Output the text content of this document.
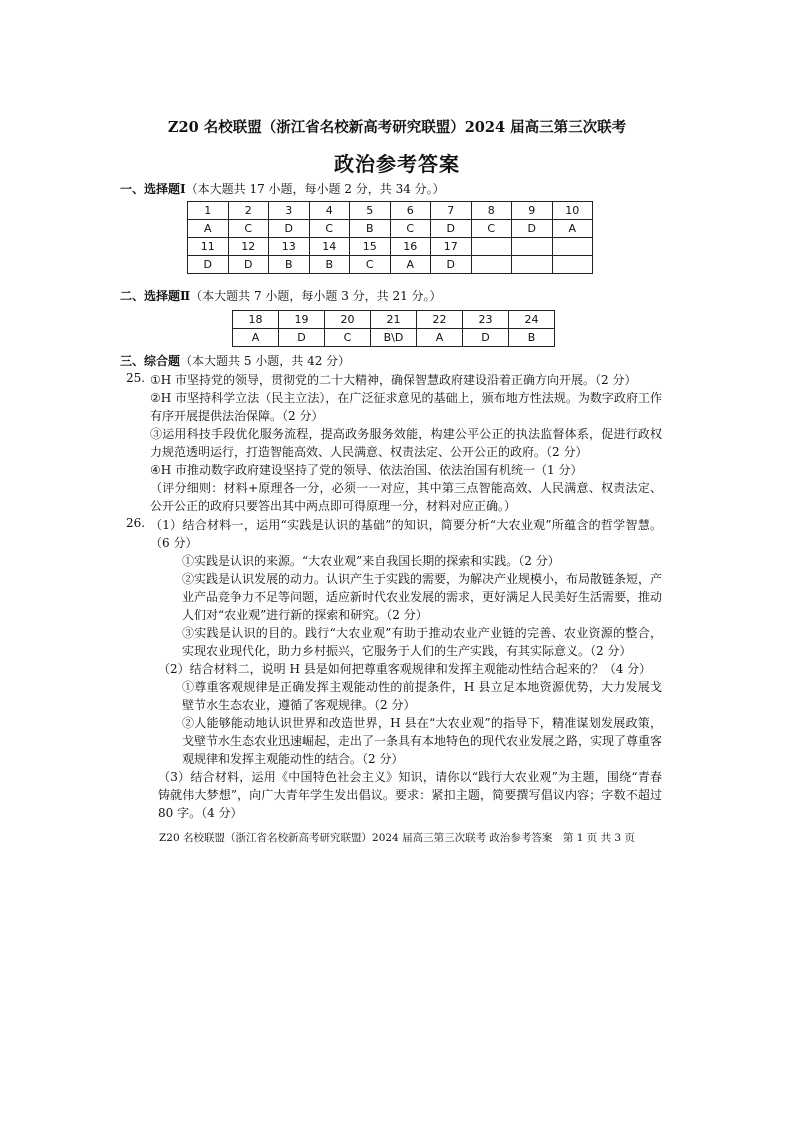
Z20 名校联盟（浙江省名校新高考研究联盟）2024 届高三第三次联考
政治参考答案
一、选择题Ⅰ（本大题共 17 小题，每小题 2 分，共 34 分。）
1	2	3	4	5	6	7	8	9	10
A	C	D	C	B	C	D	C	D	A
11	12	13	14	15	16	17			
D	D	B	B	C	A	D			
二、选择题Ⅱ（本大题共 7 小题，每小题 3 分，共 21 分。）
18	19	20	21	22	23	24
A	D	C	B\D	A	D	B
三、综合题（本大题共 5 小题，共 42 分）
25. ①H 市坚持党的领导，贯彻党的二十大精神，确保智慧政府建设沿着正确方向开展。（2 分）

②H 市坚持科学立法（民主立法），在广泛征求意见的基础上，颁布地方性法规。为数字政府工作有序开展提供法治保障。（2 分）

③运用科技手段优化服务流程，提高政务服务效能，构建公平公正的执法监督体系，促进行政权力规范透明运行，打造智能高效、人民满意、权责法定、公开公正的政府。（2 分）

④H 市推动数字政府建设坚持了党的领导、依法治国、依法治国有机统一（1 分）

（评分细则：材料+原理各一分，必须一一对应，其中第三点智能高效、人民满意、权责法定、公开公正的政府只要答出其中两点即可得原理一分，材料对应正确。）

26. （1）结合材料一，运用“实践是认识的基础”的知识，简要分析“大农业观”所蕴含的哲学智慧。（6 分）

①实践是认识的来源。“大农业观”来自我国长期的探索和实践。（2 分）

②实践是认识发展的动力。认识产生于实践的需要，为解决产业规模小，布局散链条短，产业产品竞争力不足等问题，适应新时代农业发展的需求，更好满足人民美好生活需要，推动人们对“农业观”进行新的探索和研究。（2 分）

③实践是认识的目的。践行“大农业观”有助于推动农业产业链的完善、农业资源的整合，实现农业现代化，助力乡村振兴，它服务于人们的生产实践，有其实际意义。（2 分）

（2）结合材料二，说明 H 县是如何把尊重客观规律和发挥主观能动性结合起来的？（4 分）

①尊重客观规律是正确发挥主观能动性的前提条件，H 县立足本地资源优势，大力发展戈壁节水生态农业，遵循了客观规律。（2 分）

②人能够能动地认识世界和改造世界，H 县在“大农业观”的指导下，精准谋划发展政策，戈壁节水生态农业迅速崛起，走出了一条具有本地特色的现代农业发展之路，实现了尊重客观规律和发挥主观能动性的结合。（2 分）

（3）结合材料，运用《中国特色社会主义》知识，请你以“践行大农业观”为主题，围绕“青春铸就伟大梦想”，向广大青年学生发出倡议。要求：紧扣主题，简要撰写倡议内容；字数不超过 80 字。（4 分）

Z20 名校联盟（浙江省名校新高考研究联盟）2024 届高三第三次联考 政治参考答案　第 1 页 共 3 页
